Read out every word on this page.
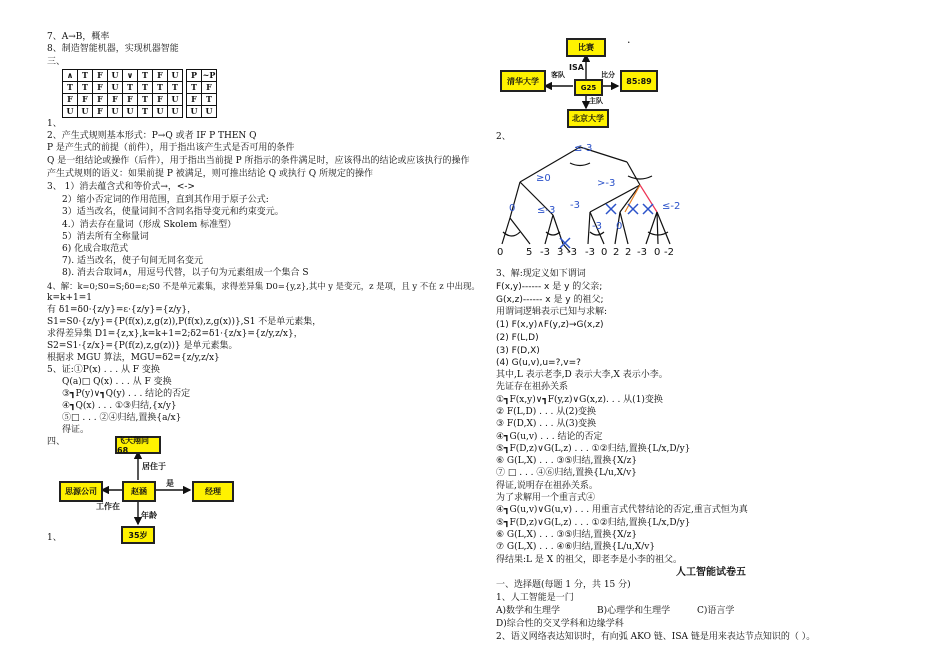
7、A→B，概率
8、制造智能机器，实现机器智能
三、
∧	T	F	U
T	T	F	U
F	F	F	F
U	U	F	U
∨	T	F	U
T	T	T	T
F	T	F	U
U	T	U	U
P	~P
T	F
F	T
U	U
1、
2、产生式规则基本形式：P→Q 或者 IF P THEN Q
P 是产生式的前提（前件），用于指出该产生式是否可用的条件
Q 是一组结论或操作（后件），用于指出当前提 P 所指示的条件满足时，应该得出的结论或应该执行的操作
产生式规则的语义：如果前提 P 被满足，则可推出结论 Q 或执行 Q 所规定的操作
3、 1）消去蕴含式和等价式→，<->
2）缩小否定词的作用范围，直到其作用于原子公式:
3）适当改名，使量词间不含同名指导变元和约束变元。
4.）消去存在量词（形成 Skolem 标准型）
5）消去所有全称量词
6) 化成合取范式
7). 适当改名，使子句间无同名变元
8). 消去合取词∧，用逗号代替，以子句为元素组成一个集合 S
4、解：k=0;S0=S;δ0=ε;S0 不是单元素集，求得差异集 D0={y,z},其中 y 是变元，z 是项，且 y 不在 z 中出现。
k=k+1=1
有 δ1=δ0·{z/y}=ε·{z/y}={z/y}，
S1=S0·{z/y}={P(f(x),z,g(z)),P(f(x),z,g(x))},S1 不是单元素集，
求得差异集 D1={z,x},k=k+1=2;δ2=δ1·{z/x}={z/y,z/x}，
S2=S1·{z/x}={P(f(z),z,g(z))} 是单元素集。
根据求 MGU 算法，MGU=δ2={z/y,z/x}
5、证:①P(x) . . . 从 F 变换
Q(a)□ Q(x) . . . 从 F 变换
③┓P(y)∨┓Q(y) . . . 结论的否定
④┓Q(x) . . . ①③归结,{x/y}
⑤□ . . . ②④归结,置换{a/x}
得证。
四、
1、
飞天翔同68
赵涵
思源公司	经理
35岁
居住于
是
工作在
年龄
·
比赛
G25
清华大学	85:89
北京大学
ISA
客队	比分
主队
2、
≤-3
≥0	>-3
0 ≤-3 -3	≤-2
-3 0
0 5 -3 3 -3 -3 0 2 2 -3 0 -2
3、解:现定义如下谓词
F(x,y)------ x 是 y 的父亲;
G(x,z)------ x 是 y 的祖父;
用谓词逻辑表示已知与求解:
(1) F(x,y)∧F(y,z)→G(x,z)
(2) F(L,D)
(3) F(D,X)
(4) G(u,v),u=?,v=?
其中,L 表示老李,D 表示大李,X 表示小李。
先证存在祖孙关系
①┓F(x,y)∨┓F(y,z)∨G(x,z). . . 从(1)变换
② F(L,D) . . . 从(2)变换
③ F(D,X) . . . 从(3)变换
④┓G(u,v) . . . 结论的否定
⑤┓F(D,z)∨G(L,z) . . . ①②归结,置换{L/x,D/y}
⑥ G(L,X) . . . ③⑤归结,置换{X/z}
⑦ □ . . . ④⑥归结,置换{L/u,X/v}
得证,说明存在祖孙关系。
为了求解用一个重言式④
④┓G(u,v)∨G(u,v) . . . 用重言式代替结论的否定,重言式恒为真
⑤┓F(D,z)∨G(L,z) . . . ①②归结,置换{L/x,D/y}
⑥ G(L,X) . . . ③⑤归结,置换{X/z}
⑦ G(L,X) . . . ④⑥归结,置换{L/u,X/v}
得结果:L 是 X 的祖父，即老李是小李的祖父。
人工智能试卷五
一、选择题(每题 1 分，共 15 分)
1、人工智能是一门
A)数学和生理学	B)心理学和生理学	C)语言学
D)综合性的交叉学科和边缘学科
2、语义网络表达知识时，有向弧 AKO 链、ISA 链是用来表达节点知识的（ ）。
